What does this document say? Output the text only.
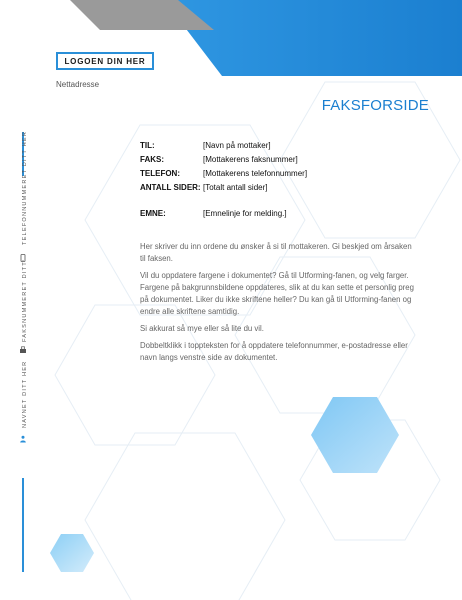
LOGOEN DIN HER
Nettadresse
FAKSFORSIDE
TIL:	[Navn på mottaker]
FAKS:	[Mottakerens faksnummer]
TELEFON:	[Mottakerens telefonnummer]
ANTALL SIDER: [Totalt antall sider]
EMNE:	[Emnelinje for melding.]

Her skriver du inn ordene du ønsker å si til mottakeren. Gi beskjed om årsaken til faksen.

Vil du oppdatere fargene i dokumentet? Gå til Utforming-fanen, og velg farger. Fargene på bakgrunnsbildene oppdateres, slik at du kan sette et personlig preg på dokumentet. Liker du ikke skriftene heller? Du kan gå til Utforming-fanen og endre alle skriftene samtidig.

Si akkurat så mye eller så lite du vil.

Dobbeltklikk i toppteksten for å oppdatere telefonnummer, e-postadresse eller navn langs venstre side av dokumentet.

TELEFONNUMMERET DITT HER
FAKSNUMMERET DITT
NAVNET DITT HER
